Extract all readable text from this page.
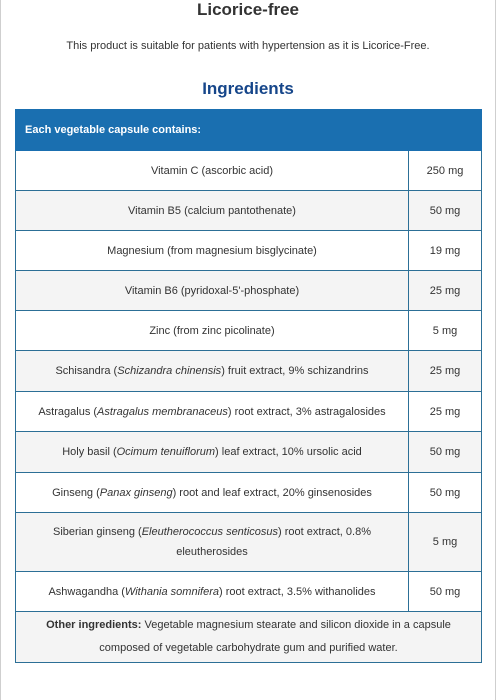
Licorice-free
This product is suitable for patients with hypertension as it is Licorice-Free.
Ingredients
Each vegetable capsule contains:	
Vitamin C (ascorbic acid)	250 mg
Vitamin B5 (calcium pantothenate)	50 mg
Magnesium (from magnesium bisglycinate)	19 mg
Vitamin B6 (pyridoxal-5'-phosphate)	25 mg
Zinc (from zinc picolinate)	5 mg
Schisandra (Schizandra chinensis) fruit extract, 9% schizandrins	25 mg
Astragalus (Astragalus membranaceus) root extract, 3% astragalosides	25 mg
Holy basil (Ocimum tenuiflorum) leaf extract, 10% ursolic acid	50 mg
Ginseng (Panax ginseng) root and leaf extract, 20% ginsenosides	50 mg
Siberian ginseng (Eleutherococcus senticosus) root extract, 0.8% eleutherosides	5 mg
Ashwagandha (Withania somnifera) root extract, 3.5% withanolides	50 mg
Other ingredients: Vegetable magnesium stearate and silicon dioxide in a capsule composed of vegetable carbohydrate gum and purified water.	
